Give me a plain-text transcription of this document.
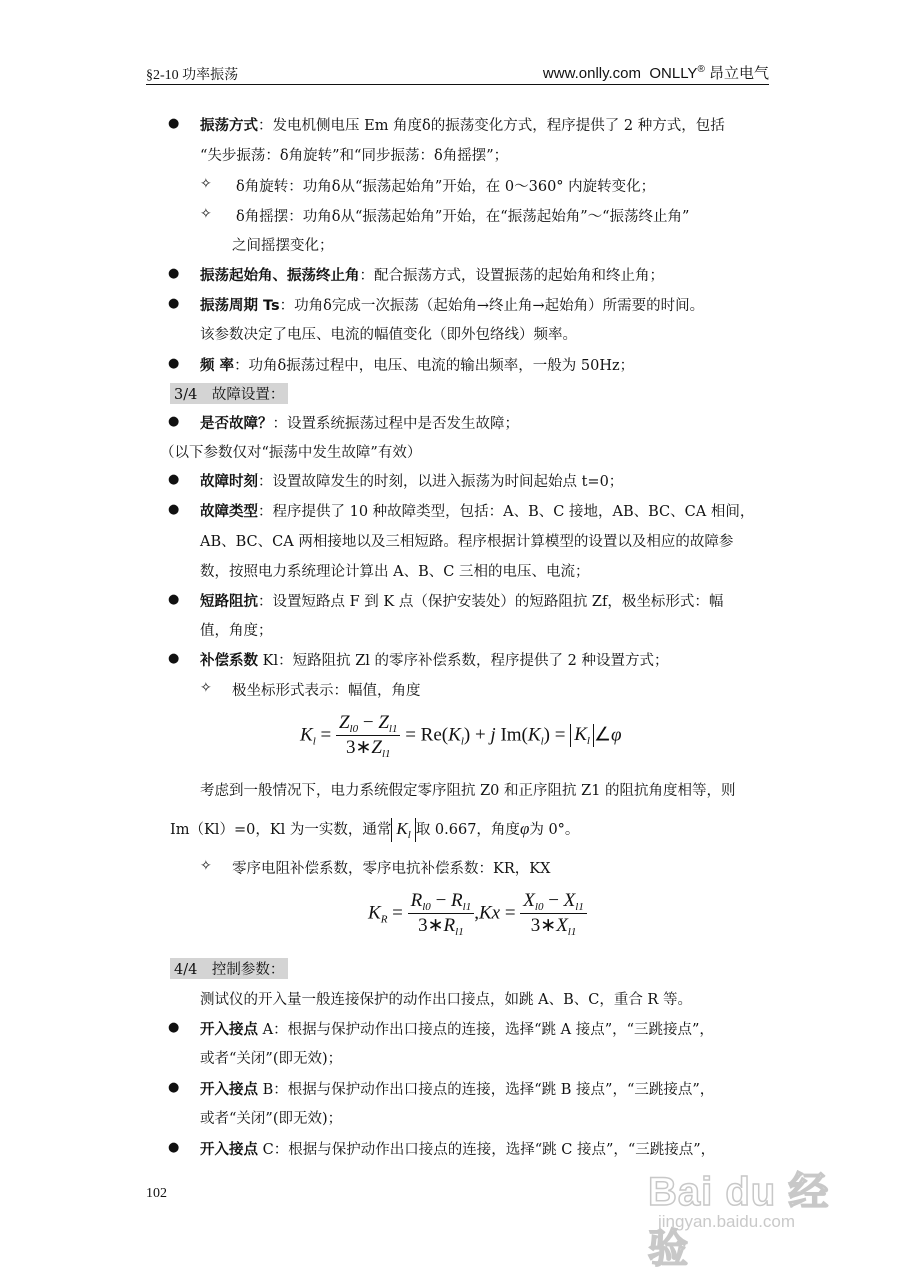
§2-10 功率振荡	www.onlly.com ONLLY® 昂立电气
● 振荡方式：发电机侧电压 Em 角度δ的振荡变化方式，程序提供了 2 种方式，包括
“失步振荡：δ角旋转”和“同步振荡：δ角摇摆”；
✧ δ角旋转：功角δ从“振荡起始角”开始，在 0～360° 内旋转变化；
✧ δ角摇摆：功角δ从“振荡起始角”开始，在“振荡起始角”～“振荡终止角”
之间摇摆变化；
● 振荡起始角、振荡终止角：配合振荡方式，设置振荡的起始角和终止角；
● 振荡周期 Ts：功角δ完成一次振荡（起始角→终止角→起始角）所需要的时间。
该参数决定了电压、电流的幅值变化（即外包络线）频率。
● 频 率：功角δ振荡过程中，电压、电流的输出频率，一般为 50Hz；
3/4　故障设置：
● 是否故障？：设置系统振荡过程中是否发生故障；
（以下参数仅对“振荡中发生故障”有效）
● 故障时刻：设置故障发生的时刻，以进入振荡为时间起始点 t=0；
● 故障类型：程序提供了 10 种故障类型，包括：A、B、C 接地，AB、BC、CA 相间，
AB、BC、CA 两相接地以及三相短路。程序根据计算模型的设置以及相应的故障参
数，按照电力系统理论计算出 A、B、C 三相的电压、电流；
● 短路阻抗：设置短路点 F 到 K 点（保护安装处）的短路阻抗 Zf，极坐标形式：幅
值，角度；
● 补偿系数 Kl：短路阻抗 Zl 的零序补偿系数，程序提供了 2 种设置方式；
✧ 极坐标形式表示：幅值，角度
$K_l = \frac{Z_{l0} - Z_{l1}}{3∗Z_{l1}} = Re(K_l) + j$ $Im(K_l) = K_l$ ∠φ
考虑到一般情况下，电力系统假定零序阻抗 Z0 和正序阻抗 Z1 的阻抗角度相等，则
Im（Kl）=0，Kl 为一实数，通常 $K_l$ 取 0.667，角度φ为 0°。
✧ 零序电阻补偿系数，零序电抗补偿系数：KR，KX
$K_R = \frac{R_{l0} - R_{l1}}{3∗R_{l1}} ,Kx = \frac{X_{l0} - X_{l1}}{3∗X_{l1}}$
4/4　控制参数：
测试仪的开入量一般连接保护的动作出口接点，如跳 A、B、C，重合 R 等。
● 开入接点 A：根据与保护动作出口接点的连接，选择“跳 A 接点”，“三跳接点”，
或者“关闭”(即无效)；
● 开入接点 B：根据与保护动作出口接点的连接，选择“跳 B 接点”，“三跳接点”，
或者“关闭”(即无效)；
● 开入接点 C：根据与保护动作出口接点的连接，选择“跳 C 接点”，“三跳接点”，
102	Bai du 经验
jingyan.baidu.com
